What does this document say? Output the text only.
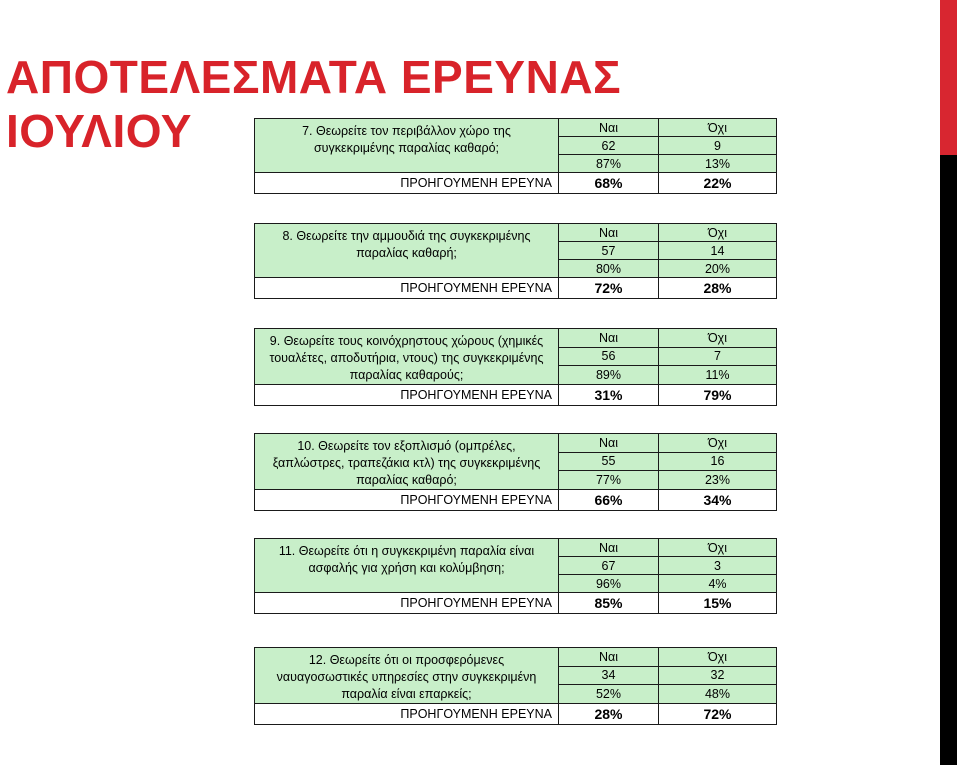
ΑΠΟΤΕΛΕΣΜΑΤΑ ΕΡΕΥΝΑΣ
ΙΟΥΛΙΟΥ	7. Θεωρείτε τον περιβάλλον χώρο της συγκεκριμένης παραλίας καθαρό;	Ναι	Όχι
	62	9
	87%	13%
ΠΡΟΗΓΟΥΜΕΝΗ ΕΡΕΥΝΑ	68%	22%
8. Θεωρείτε την αμμουδιά της συγκεκριμένης παραλίας καθαρή;	Ναι	Όχι
	57	14
	80%	20%
ΠΡΟΗΓΟΥΜΕΝΗ ΕΡΕΥΝΑ	72%	28%
9. Θεωρείτε τους κοινόχρηστους χώρους (χημικές τουαλέτες, αποδυτήρια, ντους) της συγκεκριμένης παραλίας καθαρούς;	Ναι	Όχι
	56	7
	89%	11%
ΠΡΟΗΓΟΥΜΕΝΗ ΕΡΕΥΝΑ	31%	79%
10. Θεωρείτε τον εξοπλισμό (ομπρέλες, ξαπλώστρες, τραπεζάκια κτλ) της συγκεκριμένης παραλίας καθαρό;	Ναι	Όχι
	55	16
	77%	23%
ΠΡΟΗΓΟΥΜΕΝΗ ΕΡΕΥΝΑ	66%	34%
11. Θεωρείτε ότι η συγκεκριμένη παραλία είναι ασφαλής για χρήση και κολύμβηση;	Ναι	Όχι
	67	3
	96%	4%
ΠΡΟΗΓΟΥΜΕΝΗ ΕΡΕΥΝΑ	85%	15%
12. Θεωρείτε ότι οι προσφερόμενες ναυαγοσωστικές υπηρεσίες στην συγκεκριμένη παραλία είναι επαρκείς;	Ναι	Όχι
	34	32
	52%	48%
ΠΡΟΗΓΟΥΜΕΝΗ ΕΡΕΥΝΑ	28%	72%
